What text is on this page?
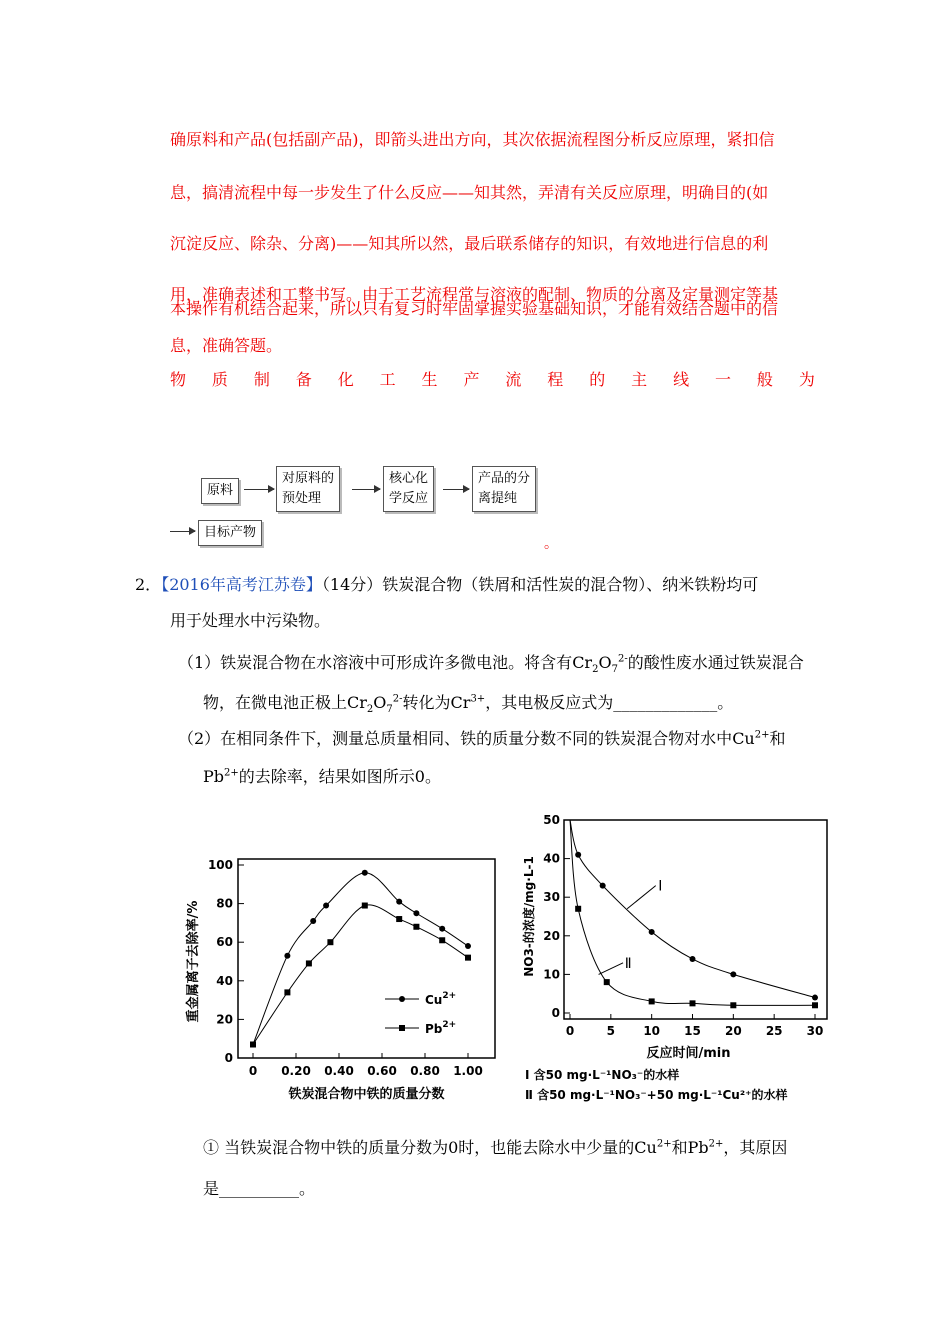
确原料和产品(包括副产品)，即箭头进出方向，其次依据流程图分析反应原理，紧扣信
息，搞清流程中每一步发生了什么反应——知其然，弄清有关反应原理，明确目的(如
沉淀反应、除杂、分离)——知其所以然，最后联系储存的知识，有效地进行信息的利
用，准确表述和工整书写。由于工艺流程常与溶液的配制、物质的分离及定量测定等基
本操作有机结合起来，所以只有复习时牢固掌握实验基础知识，才能有效结合题中的信
息，准确答题。
物 质 制 备 化 工 生 产 流 程 的 主 线 一 般 为
原料
对原料的
预处理
核心化
学反应
产品的分
离提纯
目标产物
。
2．【2016年高考江苏卷】（14分）铁炭混合物（铁屑和活性炭的混合物）、纳米铁粉均可
用于处理水中污染物。
（1）铁炭混合物在水溶液中可形成许多微电池。将含有$Cr_2O_7^{2-}$的酸性废水通过铁炭混合
物，在微电池正极上$Cr_2O_7^{2-}$转化为$Cr^{3+}$，其电极反应式为_____________。
（2）在相同条件下，测量总质量相同、铁的质量分数不同的铁炭混合物对水中$Cu^{2+}$和
$Pb^{2+}$的去除率，结果如图所示0。
① 当铁炭混合物中铁的质量分数为0时，也能去除水中少量的$Cu^{2+}$和$Pb^{2+}$，其原因
是__________。
0
20
40
60
80
100
0 0.20 0.40 0.60 0.80 1.00
铁炭混合物中铁的质量分数
重金属离子去除率/%	$Cu^{2+}$
$Pb^{2+}$
0
10
20
30
40
50
0	5 10 15 20 25 30
反应时间/min
NO3-的浓度/mg·L-1	Ⅰ
Ⅱ
Ⅰ 含50 mg·L⁻¹NO₃⁻的水样
Ⅱ 含50 mg·L⁻¹NO₃⁻+50 mg·L⁻¹Cu²⁺的水样
